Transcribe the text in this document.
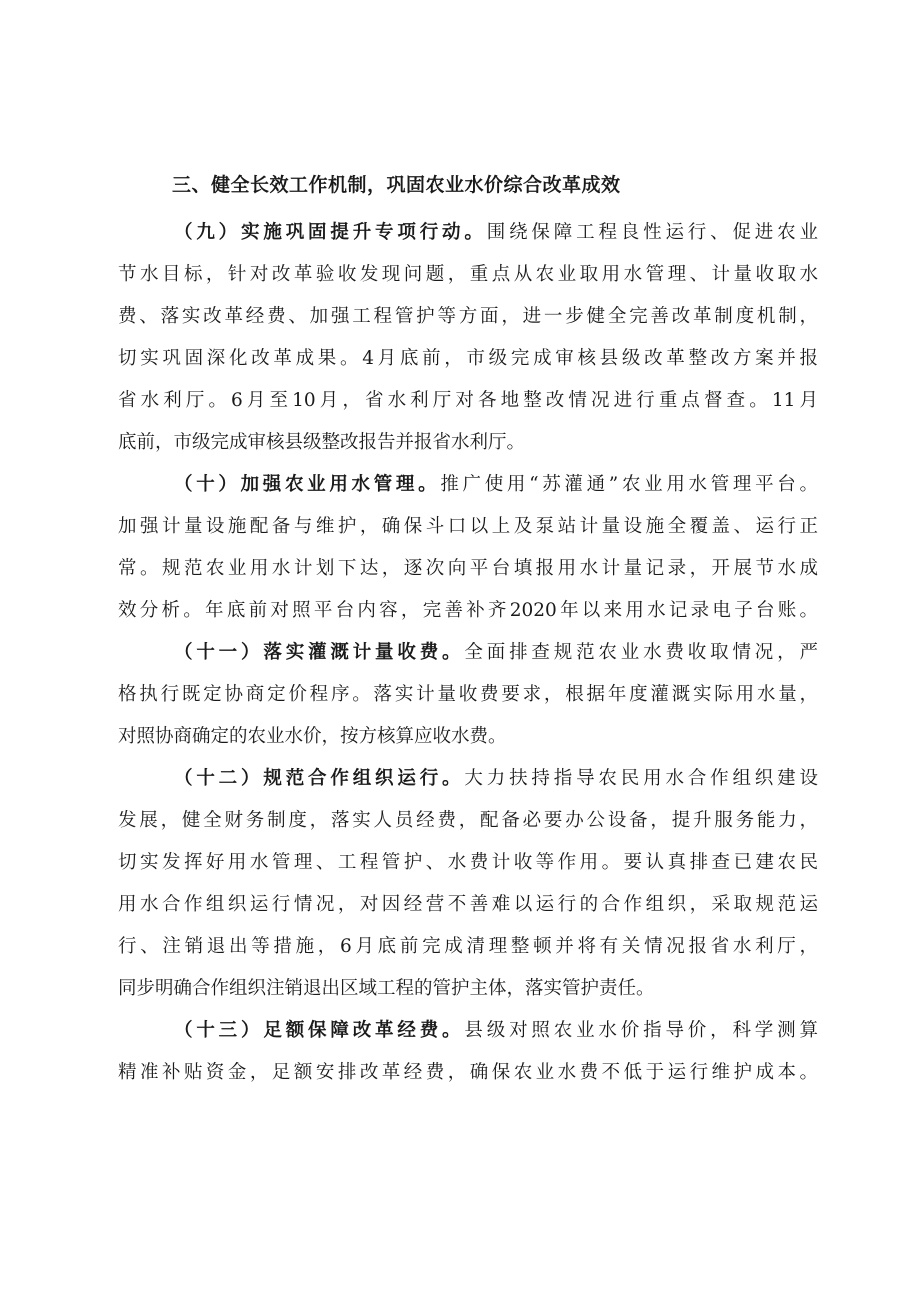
三、健全长效工作机制，巩固农业水价综合改革成效
（九）实施巩固提升专项行动。围绕保障工程良性运行、促进农业
节水目标，针对改革验收发现问题，重点从农业取用水管理、计量收取水
费、落实改革经费、加强工程管护等方面，进一步健全完善改革制度机制，
切实巩固深化改革成果。4月底前，市级完成审核县级改革整改方案并报
省水利厅。6月至10月，省水利厅对各地整改情况进行重点督查。11月
底前，市级完成审核县级整改报告并报省水利厅。
（十）加强农业用水管理。推广使用“苏灌通”农业用水管理平台。
加强计量设施配备与维护，确保斗口以上及泵站计量设施全覆盖、运行正
常。规范农业用水计划下达，逐次向平台填报用水计量记录，开展节水成
效分析。年底前对照平台内容，完善补齐2020年以来用水记录电子台账。
（十一）落实灌溉计量收费。全面排查规范农业水费收取情况，严
格执行既定协商定价程序。落实计量收费要求，根据年度灌溉实际用水量，
对照协商确定的农业水价，按方核算应收水费。
（十二）规范合作组织运行。大力扶持指导农民用水合作组织建设
发展，健全财务制度，落实人员经费，配备必要办公设备，提升服务能力，
切实发挥好用水管理、工程管护、水费计收等作用。要认真排查已建农民
用水合作组织运行情况，对因经营不善难以运行的合作组织，采取规范运
行、注销退出等措施，6月底前完成清理整顿并将有关情况报省水利厅，
同步明确合作组织注销退出区域工程的管护主体，落实管护责任。
（十三）足额保障改革经费。县级对照农业水价指导价，科学测算
精准补贴资金，足额安排改革经费，确保农业水费不低于运行维护成本。
